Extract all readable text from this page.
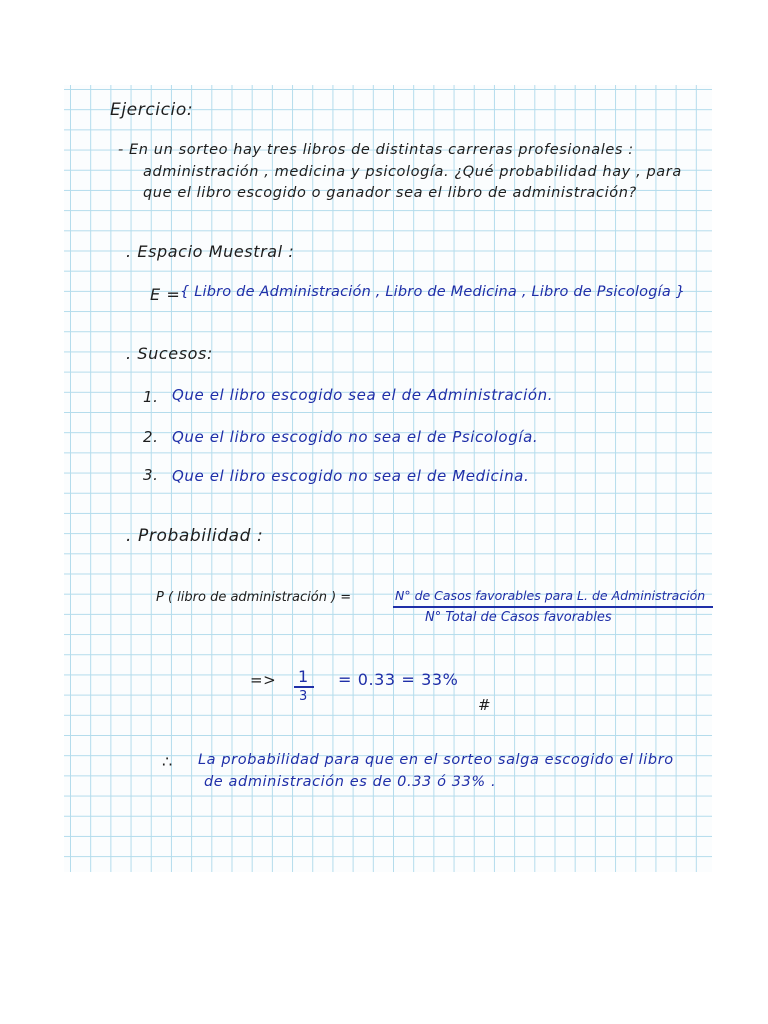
Ejercicio:
- En un sorteo hay tres libros de distintas carreras profesionales :
administración , medicina y psicología. ¿Qué probabilidad hay , para
que el libro escogido o ganador sea el libro de administración?
. Espacio Muestral :
E = { Libro de Administración , Libro de Medicina , Libro de Psicología }
. Sucesos:
1. Que el libro escogido sea el de Administración.
2. Que el libro escogido no sea el de Psicología.
3. Que el libro escogido no sea el de Medicina.
. Probabilidad :
P ( libro de administración ) =	N° de Casos favorables para L. de Administración
N° Total de Casos favorables
=> 1
3
= 0.33 = 33%
#
∴ La probabilidad para que en el sorteo salga escogido el libro
de administración es de 0.33 ó 33% .
